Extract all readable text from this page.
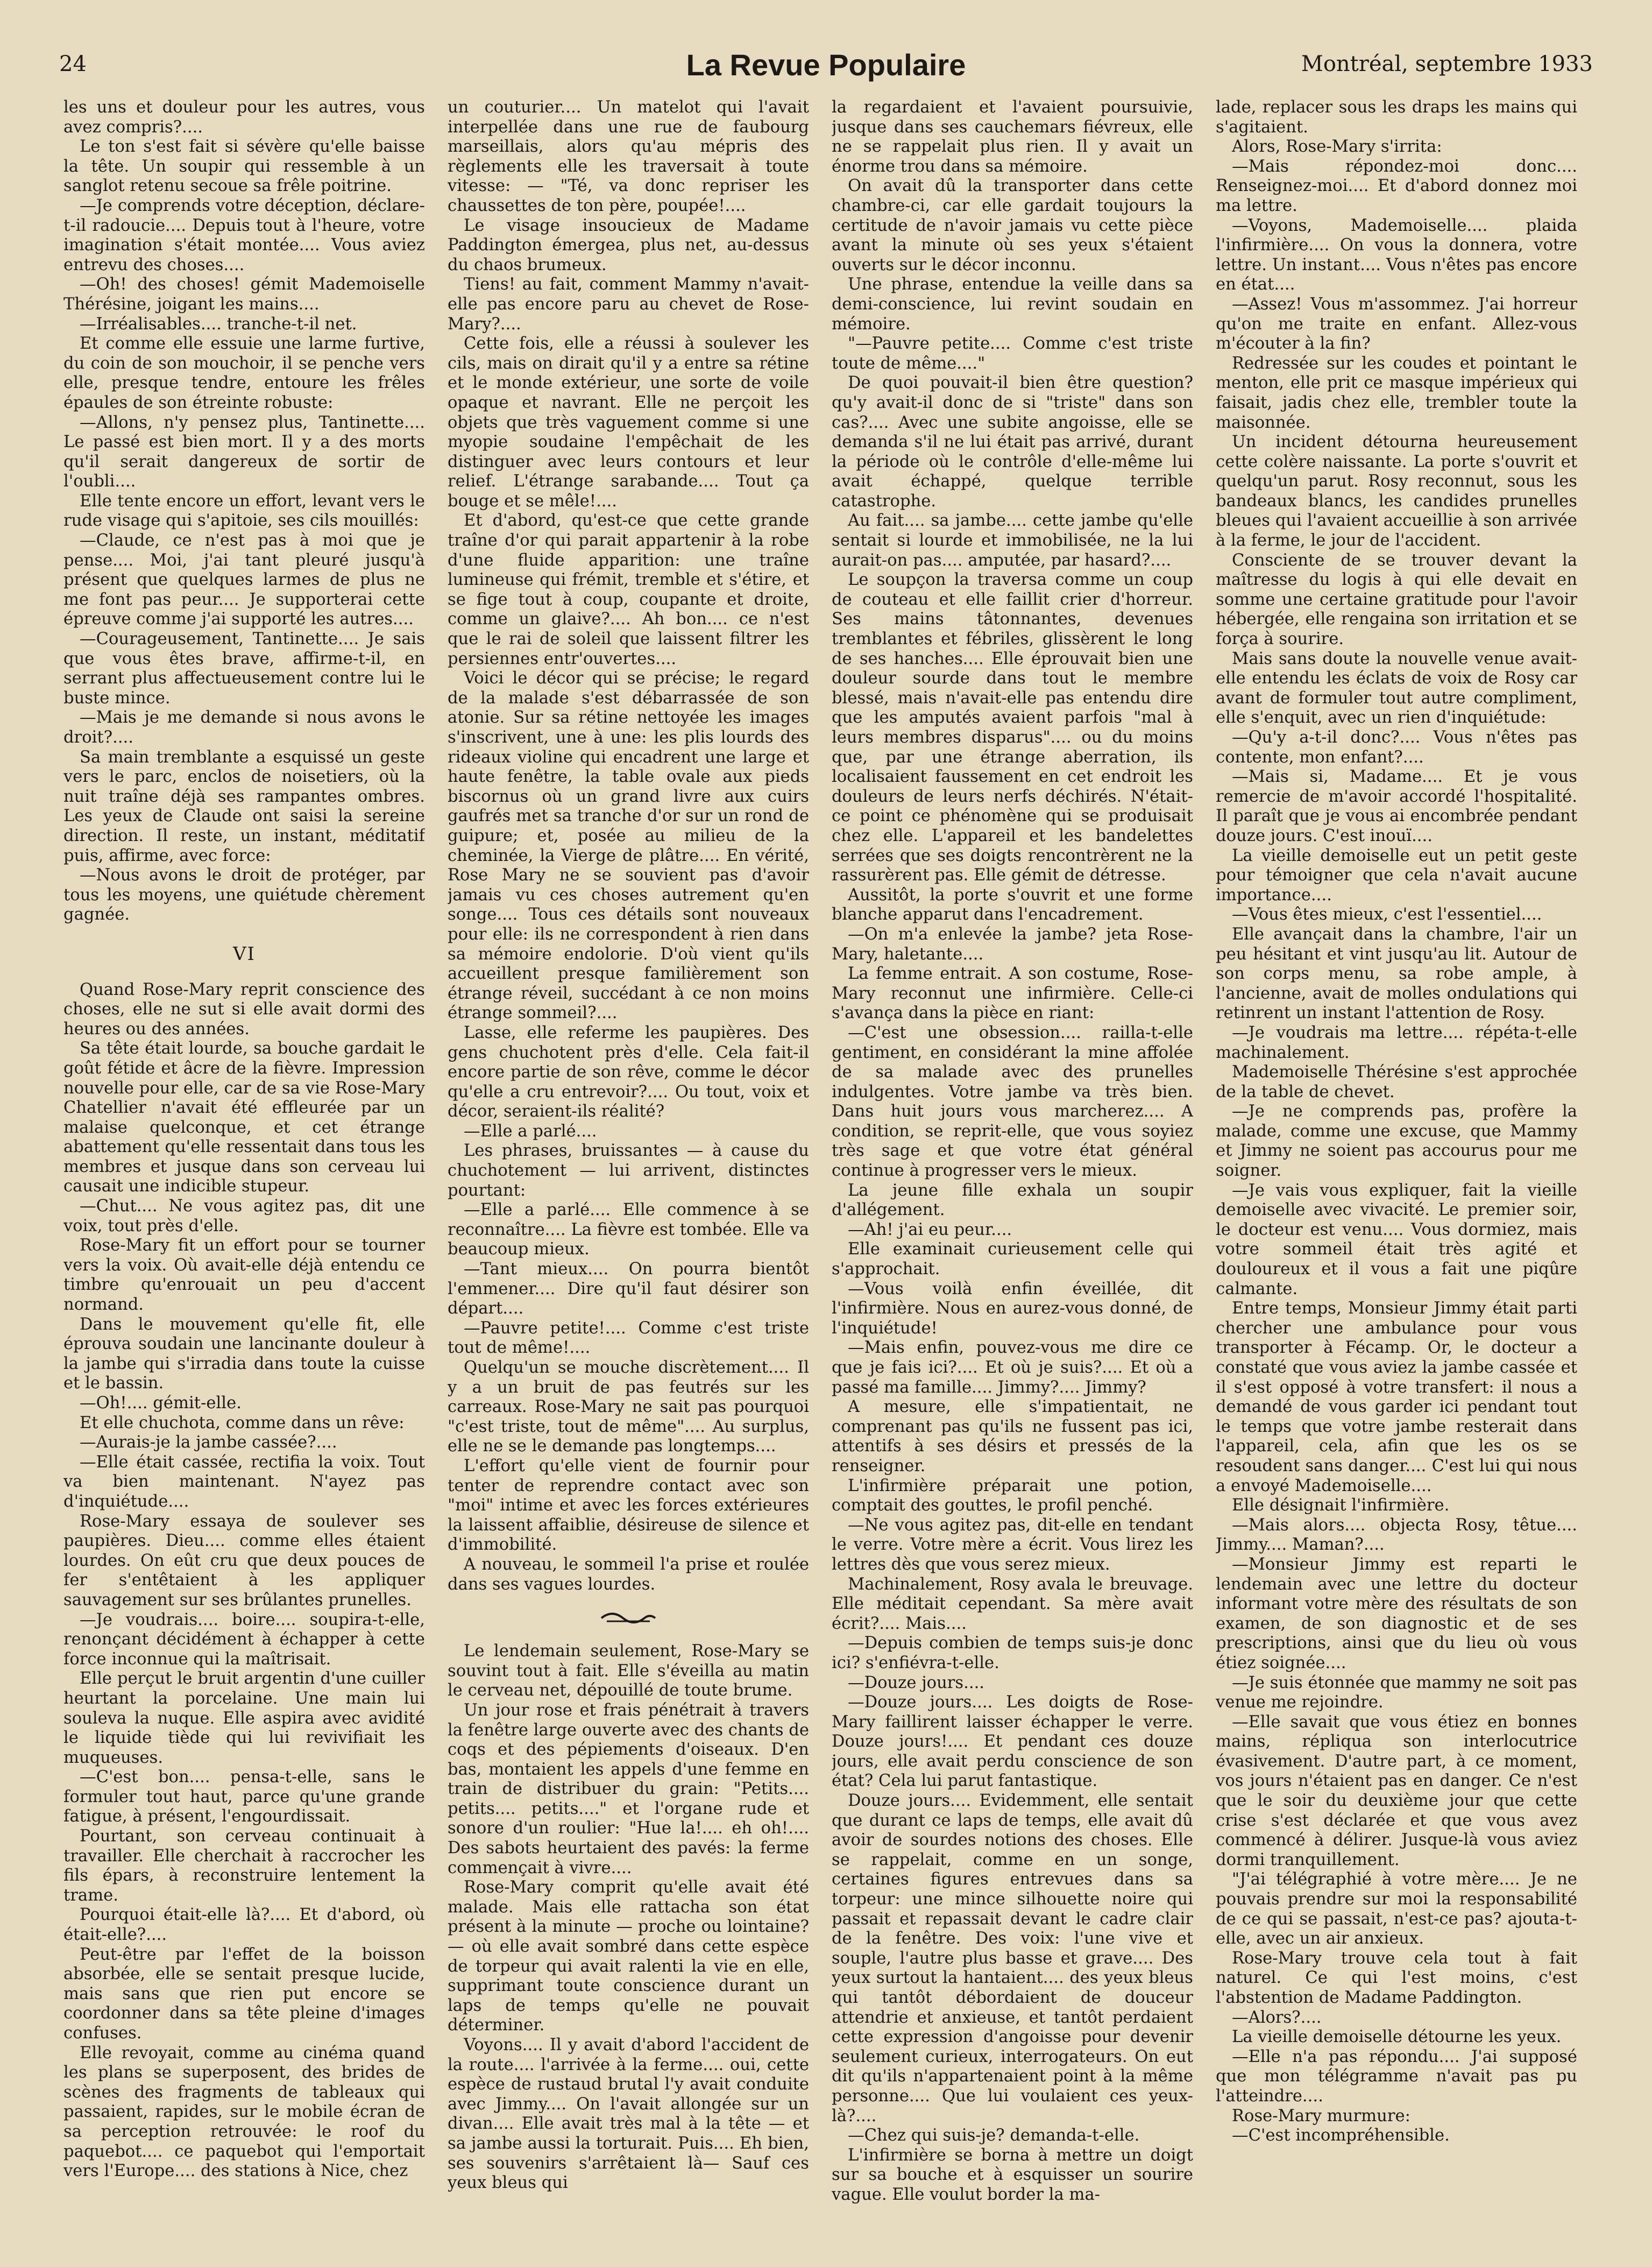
24	La Revue Populaire	Montréal, septembre 1933

les uns et douleur pour les autres, vous avez compris?....

Le ton s'est fait si sévère qu'elle baisse la tête. Un soupir qui ressemble à un sanglot retenu secoue sa frêle poitrine.

—Je comprends votre déception, déclare-t-il radoucie.... Depuis tout à l'heure, votre imagination s'était montée.... Vous aviez entrevu des choses....

—Oh! des choses! gémit Mademoiselle Thérésine, joigant les mains....

—Irréalisables.... tranche-t-il net.

Et comme elle essuie une larme furtive, du coin de son mouchoir, il se penche vers elle, presque tendre, entoure les frêles épaules de son étreinte robuste:

—Allons, n'y pensez plus, Tantinette.... Le passé est bien mort. Il y a des morts qu'il serait dangereux de sortir de l'oubli....

Elle tente encore un effort, levant vers le rude visage qui s'apitoie, ses cils mouillés:

—Claude, ce n'est pas à moi que je pense.... Moi, j'ai tant pleuré jusqu'à présent que quelques larmes de plus ne me font pas peur.... Je supporterai cette épreuve comme j'ai supporté les autres....

—Courageusement, Tantinette.... Je sais que vous êtes brave, affirme-t-il, en serrant plus affectueusement contre lui le buste mince.

—Mais je me demande si nous avons le droit?....

Sa main tremblante a esquissé un geste vers le parc, enclos de noisetiers, où la nuit traîne déjà ses rampantes ombres. Les yeux de Claude ont saisi la sereine direction. Il reste, un instant, méditatif puis, affirme, avec force:

—Nous avons le droit de protéger, par tous les moyens, une quiétude chèrement gagnée.

VI

Quand Rose-Mary reprit conscience des choses, elle ne sut si elle avait dormi des heures ou des années.

Sa tête était lourde, sa bouche gardait le goût fétide et âcre de la fièvre. Impression nouvelle pour elle, car de sa vie Rose-Mary Chatellier n'avait été effleurée par un malaise quelconque, et cet étrange abattement qu'elle ressentait dans tous les membres et jusque dans son cerveau lui causait une indicible stupeur.

—Chut.... Ne vous agitez pas, dit une voix, tout près d'elle.

Rose-Mary fit un effort pour se tourner vers la voix. Où avait-elle déjà entendu ce timbre qu'enrouait un peu d'accent normand.

Dans le mouvement qu'elle fit, elle éprouva soudain une lancinante douleur à la jambe qui s'irradia dans toute la cuisse et le bassin.

—Oh!.... gémit-elle.

Et elle chuchota, comme dans un rêve:

—Aurais-je la jambe cassée?....

—Elle était cassée, rectifia la voix. Tout va bien maintenant. N'ayez pas d'inquiétude....

Rose-Mary essaya de soulever ses paupières. Dieu.... comme elles étaient lourdes. On eût cru que deux pouces de fer s'entêtaient à les appliquer sauvagement sur ses brûlantes prunelles.

—Je voudrais.... boire.... soupira-t-elle, renonçant décidément à échapper à cette force inconnue qui la maîtrisait.

Elle perçut le bruit argentin d'une cuiller heurtant la porcelaine. Une main lui souleva la nuque. Elle aspira avec avidité le liquide tiède qui lui revivifiait les muqueuses.

—C'est bon.... pensa-t-elle, sans le formuler tout haut, parce qu'une grande fatigue, à présent, l'engourdissait.

Pourtant, son cerveau continuait à travailler. Elle cherchait à raccrocher les fils épars, à reconstruire lentement la trame.

Pourquoi était-elle là?.... Et d'abord, où était-elle?....

Peut-être par l'effet de la boisson absorbée, elle se sentait presque lucide, mais sans que rien put encore se coordonner dans sa tête pleine d'images confuses.

Elle revoyait, comme au cinéma quand les plans se superposent, des brides de scènes des fragments de tableaux qui passaient, rapides, sur le mobile écran de sa perception retrouvée: le roof du paquebot.... ce paquebot qui l'emportait vers l'Europe.... des stations à Nice, chez

un couturier.... Un matelot qui l'avait interpellée dans une rue de faubourg marseillais, alors qu'au mépris des règlements elle les traversait à toute vitesse: — "Té, va donc repriser les chaussettes de ton père, poupée!....

Le visage insoucieux de Madame Paddington émergea, plus net, au-dessus du chaos brumeux.

Tiens! au fait, comment Mammy n'avait-elle pas encore paru au chevet de Rose-Mary?....

Cette fois, elle a réussi à soulever les cils, mais on dirait qu'il y a entre sa rétine et le monde extérieur, une sorte de voile opaque et navrant. Elle ne perçoit les objets que très vaguement comme si une myopie soudaine l'empêchait de les distinguer avec leurs contours et leur relief. L'étrange sarabande.... Tout ça bouge et se mêle!....

Et d'abord, qu'est-ce que cette grande traîne d'or qui parait appartenir à la robe d'une fluide apparition: une traîne lumineuse qui frémit, tremble et s'étire, et se fige tout à coup, coupante et droite, comme un glaive?.... Ah bon.... ce n'est que le rai de soleil que laissent filtrer les persiennes entr'ouvertes....

Voici le décor qui se précise; le regard de la malade s'est débarrassée de son atonie. Sur sa rétine nettoyée les images s'inscrivent, une à une: les plis lourds des rideaux violine qui encadrent une large et haute fenêtre, la table ovale aux pieds biscornus où un grand livre aux cuirs gaufrés met sa tranche d'or sur un rond de guipure; et, posée au milieu de la cheminée, la Vierge de plâtre.... En vérité, Rose Mary ne se souvient pas d'avoir jamais vu ces choses autrement qu'en songe.... Tous ces détails sont nouveaux pour elle: ils ne correspondent à rien dans sa mémoire endolorie. D'où vient qu'ils accueillent presque familièrement son étrange réveil, succédant à ce non moins étrange sommeil?....

Lasse, elle referme les paupières. Des gens chuchotent près d'elle. Cela fait-il encore partie de son rêve, comme le décor qu'elle a cru entrevoir?.... Ou tout, voix et décor, seraient-ils réalité?

—Elle a parlé....

Les phrases, bruissantes — à cause du chuchotement — lui arrivent, distinctes pourtant:

—Elle a parlé.... Elle commence à se reconnaître.... La fièvre est tombée. Elle va beaucoup mieux.

—Tant mieux.... On pourra bientôt l'emmener.... Dire qu'il faut désirer son départ....

—Pauvre petite!.... Comme c'est triste tout de même!....

Quelqu'un se mouche discrètement.... Il y a un bruit de pas feutrés sur les carreaux. Rose-Mary ne sait pas pourquoi "c'est triste, tout de même".... Au surplus, elle ne se le demande pas longtemps....

L'effort qu'elle vient de fournir pour tenter de reprendre contact avec son "moi" intime et avec les forces extérieures la laissent affaiblie, désireuse de silence et d'immobilité.

A nouveau, le sommeil l'a prise et roulée dans ses vagues lourdes.

Le lendemain seulement, Rose-Mary se souvint tout à fait. Elle s'éveilla au matin le cerveau net, dépouillé de toute brume.

Un jour rose et frais pénétrait à travers la fenêtre large ouverte avec des chants de coqs et des pépiements d'oiseaux. D'en bas, montaient les appels d'une femme en train de distribuer du grain: "Petits.... petits.... petits...." et l'organe rude et sonore d'un roulier: "Hue la!.... eh oh!.... Des sabots heurtaient des pavés: la ferme commençait à vivre....

Rose-Mary comprit qu'elle avait été malade. Mais elle rattacha son état présent à la minute — proche ou lointaine? — où elle avait sombré dans cette espèce de torpeur qui avait ralenti la vie en elle, supprimant toute conscience durant un laps de temps qu'elle ne pouvait déterminer.

Voyons.... Il y avait d'abord l'accident de la route.... l'arrivée à la ferme.... oui, cette espèce de rustaud brutal l'y avait conduite avec Jimmy.... On l'avait allongée sur un divan.... Elle avait très mal à la tête — et sa jambe aussi la torturait. Puis.... Eh bien, ses souvenirs s'arrêtaient là— Sauf ces yeux bleus qui

la regardaient et l'avaient poursuivie, jusque dans ses cauchemars fiévreux, elle ne se rappelait plus rien. Il y avait un énorme trou dans sa mémoire.

On avait dû la transporter dans cette chambre-ci, car elle gardait toujours la certitude de n'avoir jamais vu cette pièce avant la minute où ses yeux s'étaient ouverts sur le décor inconnu.

Une phrase, entendue la veille dans sa demi-conscience, lui revint soudain en mémoire.

"—Pauvre petite.... Comme c'est triste toute de même...."

De quoi pouvait-il bien être question? qu'y avait-il donc de si "triste" dans son cas?.... Avec une subite angoisse, elle se demanda s'il ne lui était pas arrivé, durant la période où le contrôle d'elle-même lui avait échappé, quelque terrible catastrophe.

Au fait.... sa jambe.... cette jambe qu'elle sentait si lourde et immobilisée, ne la lui aurait-on pas.... amputée, par hasard?....

Le soupçon la traversa comme un coup de couteau et elle faillit crier d'horreur. Ses mains tâtonnantes, devenues tremblantes et fébriles, glissèrent le long de ses hanches.... Elle éprouvait bien une douleur sourde dans tout le membre blessé, mais n'avait-elle pas entendu dire que les amputés avaient parfois "mal à leurs membres disparus".... ou du moins que, par une étrange aberration, ils localisaient faussement en cet endroit les douleurs de leurs nerfs déchirés. N'était-ce point ce phénomène qui se produisait chez elle. L'appareil et les bandelettes serrées que ses doigts rencontrèrent ne la rassurèrent pas. Elle gémit de détresse.

Aussitôt, la porte s'ouvrit et une forme blanche apparut dans l'encadrement.

—On m'a enlevée la jambe? jeta Rose-Mary, haletante....

La femme entrait. A son costume, Rose-Mary reconnut une infirmière. Celle-ci s'avança dans la pièce en riant:

—C'est une obsession.... railla-t-elle gentiment, en considérant la mine affolée de sa malade avec des prunelles indulgentes. Votre jambe va très bien. Dans huit jours vous marcherez.... A condition, se reprit-elle, que vous soyiez très sage et que votre état général continue à progresser vers le mieux.

La jeune fille exhala un soupir d'allégement.

—Ah! j'ai eu peur....

Elle examinait curieusement celle qui s'approchait.

—Vous voilà enfin éveillée, dit l'infirmière. Nous en aurez-vous donné, de l'inquiétude!

—Mais enfin, pouvez-vous me dire ce que je fais ici?.... Et où je suis?.... Et où a passé ma famille.... Jimmy?.... Jimmy?

A mesure, elle s'impatientait, ne comprenant pas qu'ils ne fussent pas ici, attentifs à ses désirs et pressés de la renseigner.

L'infirmière préparait une potion, comptait des gouttes, le profil penché.

—Ne vous agitez pas, dit-elle en tendant le verre. Votre mère a écrit. Vous lirez les lettres dès que vous serez mieux.

Machinalement, Rosy avala le breuvage. Elle méditait cependant. Sa mère avait écrit?.... Mais....

—Depuis combien de temps suis-je donc ici? s'enfiévra-t-elle.

—Douze jours....

—Douze jours.... Les doigts de Rose-Mary faillirent laisser échapper le verre. Douze jours!.... Et pendant ces douze jours, elle avait perdu conscience de son état? Cela lui parut fantastique.

Douze jours.... Evidemment, elle sentait que durant ce laps de temps, elle avait dû avoir de sourdes notions des choses. Elle se rappelait, comme en un songe, certaines figures entrevues dans sa torpeur: une mince silhouette noire qui passait et repassait devant le cadre clair de la fenêtre. Des voix: l'une vive et souple, l'autre plus basse et grave.... Des yeux surtout la hantaient.... des yeux bleus qui tantôt débordaient de douceur attendrie et anxieuse, et tantôt perdaient cette expression d'angoisse pour devenir seulement curieux, interrogateurs. On eut dit qu'ils n'appartenaient point à la même personne.... Que lui voulaient ces yeux-là?....

—Chez qui suis-je? demanda-t-elle.

L'infirmière se borna à mettre un doigt sur sa bouche et à esquisser un sourire vague. Elle voulut border la ma-

lade, replacer sous les draps les mains qui s'agitaient.

Alors, Rose-Mary s'irrita:

—Mais répondez-moi donc.... Renseignez-moi.... Et d'abord donnez moi ma lettre.

—Voyons, Mademoiselle.... plaida l'infirmière.... On vous la donnera, votre lettre. Un instant.... Vous n'êtes pas encore en état....

—Assez! Vous m'assommez. J'ai horreur qu'on me traite en enfant. Allez-vous m'écouter à la fin?

Redressée sur les coudes et pointant le menton, elle prit ce masque impérieux qui faisait, jadis chez elle, trembler toute la maisonnée.

Un incident détourna heureusement cette colère naissante. La porte s'ouvrit et quelqu'un parut. Rosy reconnut, sous les bandeaux blancs, les candides prunelles bleues qui l'avaient accueillie à son arrivée à la ferme, le jour de l'accident.

Consciente de se trouver devant la maîtresse du logis à qui elle devait en somme une certaine gratitude pour l'avoir hébergée, elle rengaina son irritation et se força à sourire.

Mais sans doute la nouvelle venue avait-elle entendu les éclats de voix de Rosy car avant de formuler tout autre compliment, elle s'enquit, avec un rien d'inquiétude:

—Qu'y a-t-il donc?.... Vous n'êtes pas contente, mon enfant?....

—Mais si, Madame.... Et je vous remercie de m'avoir accordé l'hospitalité. Il paraît que je vous ai encombrée pendant douze jours. C'est inouï....

La vieille demoiselle eut un petit geste pour témoigner que cela n'avait aucune importance....

—Vous êtes mieux, c'est l'essentiel....

Elle avançait dans la chambre, l'air un peu hésitant et vint jusqu'au lit. Autour de son corps menu, sa robe ample, à l'ancienne, avait de molles ondulations qui retinrent un instant l'attention de Rosy.

—Je voudrais ma lettre.... répéta-t-elle machinalement.

Mademoiselle Thérésine s'est approchée de la table de chevet.

—Je ne comprends pas, profère la malade, comme une excuse, que Mammy et Jimmy ne soient pas accourus pour me soigner.

—Je vais vous expliquer, fait la vieille demoiselle avec vivacité. Le premier soir, le docteur est venu.... Vous dormiez, mais votre sommeil était très agité et douloureux et il vous a fait une piqûre calmante.

Entre temps, Monsieur Jimmy était parti chercher une ambulance pour vous transporter à Fécamp. Or, le docteur a constaté que vous aviez la jambe cassée et il s'est opposé à votre transfert: il nous a demandé de vous garder ici pendant tout le temps que votre jambe resterait dans l'appareil, cela, afin que les os se resoudent sans danger.... C'est lui qui nous a envoyé Mademoiselle....

Elle désignait l'infirmière.

—Mais alors.... objecta Rosy, têtue.... Jimmy.... Maman?....

—Monsieur Jimmy est reparti le lendemain avec une lettre du docteur informant votre mère des résultats de son examen, de son diagnostic et de ses prescriptions, ainsi que du lieu où vous étiez soignée....

—Je suis étonnée que mammy ne soit pas venue me rejoindre.

—Elle savait que vous étiez en bonnes mains, répliqua son interlocutrice évasivement. D'autre part, à ce moment, vos jours n'étaient pas en danger. Ce n'est que le soir du deuxième jour que cette crise s'est déclarée et que vous avez commencé à délirer. Jusque-là vous aviez dormi tranquillement.

"J'ai télégraphié à votre mère.... Je ne pouvais prendre sur moi la responsabilité de ce qui se passait, n'est-ce pas? ajouta-t-elle, avec un air anxieux.

Rose-Mary trouve cela tout à fait naturel. Ce qui l'est moins, c'est l'abstention de Madame Paddington.

—Alors?....

La vieille demoiselle détourne les yeux.

—Elle n'a pas répondu.... J'ai supposé que mon télégramme n'avait pas pu l'atteindre....

Rose-Mary murmure:

—C'est incompréhensible.
